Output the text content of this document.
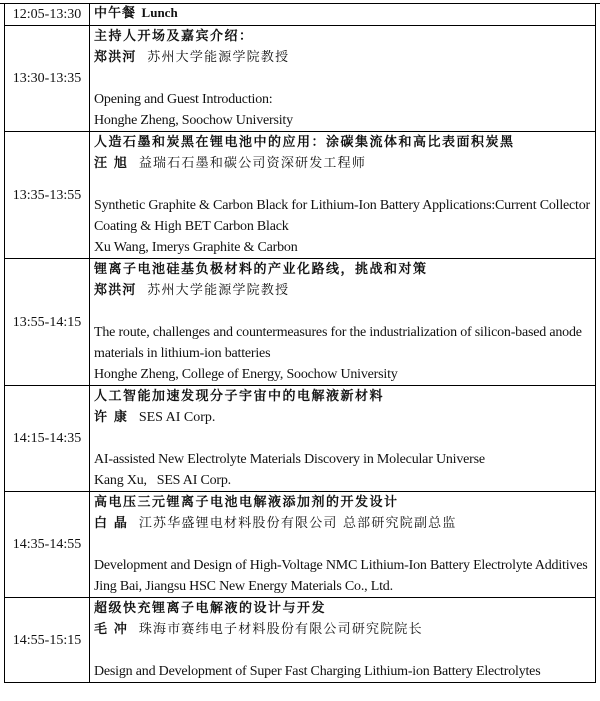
12:05-13:30	中午餐 Lunch

13:30-13:35	主持人开场及嘉宾介绍：
郑洪河 苏州大学能源学院教授
Opening and Guest Introduction:
Honghe Zheng, Soochow University

13:35-13:55	人造石墨和炭黑在锂电池中的应用：涂碳集流体和高比表面积炭黑
汪 旭 益瑞石石墨和碳公司资深研发工程师
Synthetic Graphite & Carbon Black for Lithium-Ion Battery Applications:Current Collector Coating & High BET Carbon Black
Xu Wang, Imerys Graphite & Carbon

13:55-14:15	锂离子电池硅基负极材料的产业化路线，挑战和对策
郑洪河 苏州大学能源学院教授
The route, challenges and countermeasures for the industrialization of silicon-based anode materials in lithium-ion batteries
Honghe Zheng, College of Energy, Soochow University

14:15-14:35	人工智能加速发现分子宇宙中的电解液新材料
许 康 SES AI Corp.
AI-assisted New Electrolyte Materials Discovery in Molecular Universe
Kang Xu,   SES AI Corp.

14:35-14:55	高电压三元锂离子电池电解液添加剂的开发设计
白 晶 江苏华盛锂电材料股份有限公司 总部研究院副总监
Development and Design of High-Voltage NMC Lithium-Ion Battery Electrolyte Additives
Jing Bai, Jiangsu HSC New Energy Materials Co., Ltd.

14:55-15:15	超级快充锂离子电解液的设计与开发
毛 冲 珠海市赛纬电子材料股份有限公司研究院院长
Design and Development of Super Fast Charging Lithium-ion Battery Electrolytes
